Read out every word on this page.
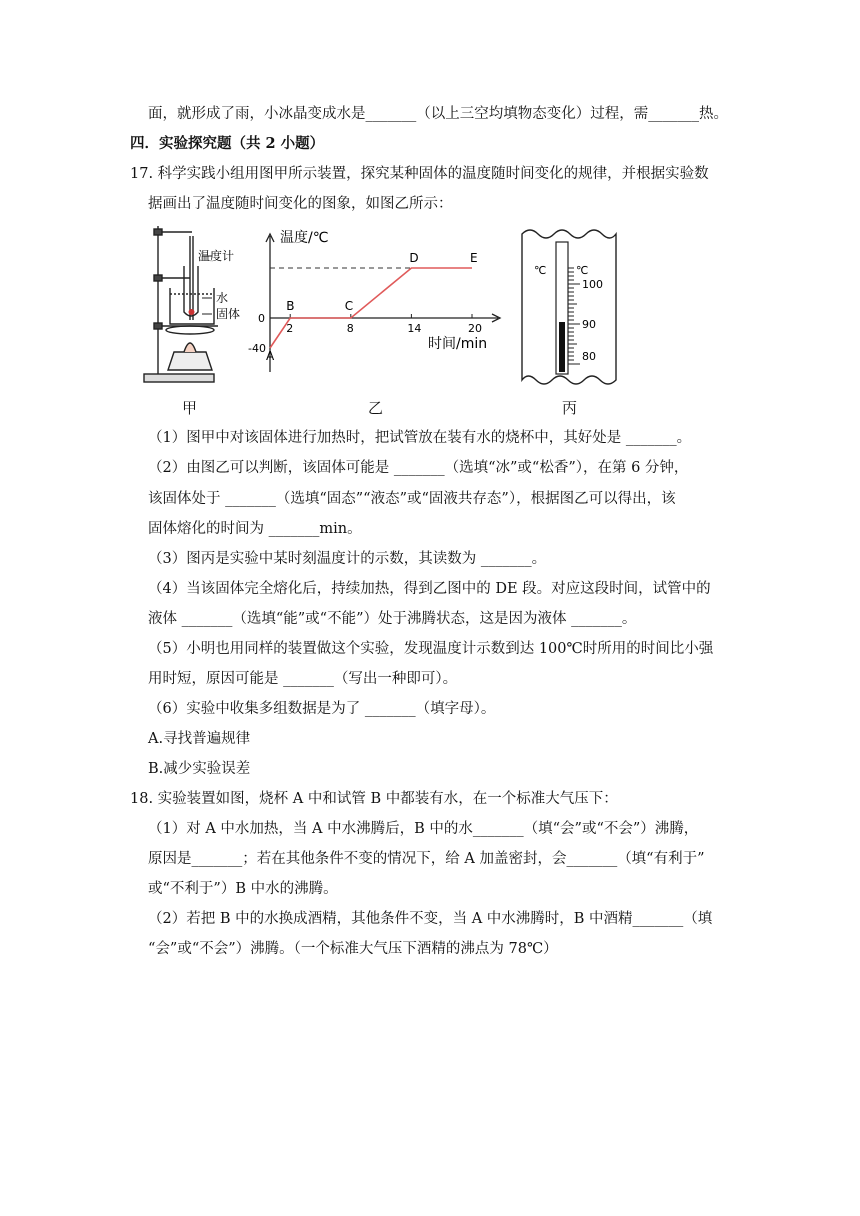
面，就形成了雨，小冰晶变成水是_______（以上三空均填物态变化）过程，需_______热。
四．实验探究题（共 2 小题）
17. 科学实践小组用图甲所示装置，探究某种固体的温度随时间变化的规律，并根据实验数
据画出了温度随时间变化的图象，如图乙所示：
温度计
水
固体
甲
温度/℃
时间/min
2	8	14	20
0
-40
A
B	C
D	E
乙
℃	℃
100
90
80
丙
（1）图甲中对该固体进行加热时，把试管放在装有水的烧杯中，其好处是 _______。
（2）由图乙可以判断，该固体可能是 _______（选填“冰”或“松香”），在第 6 分钟，
该固体处于 _______（选填“固态”“液态”或“固液共存态”），根据图乙可以得出，该
固体熔化的时间为 _______min。
（3）图丙是实验中某时刻温度计的示数，其读数为 _______。
（4）当该固体完全熔化后，持续加热，得到乙图中的 DE 段。对应这段时间，试管中的
液体 _______（选填“能”或“不能”）处于沸腾状态，这是因为液体 _______。
（5）小明也用同样的装置做这个实验，发现温度计示数到达 100℃时所用的时间比小强
用时短，原因可能是 _______（写出一种即可）。
（6）实验中收集多组数据是为了 _______（填字母）。
A.寻找普遍规律
B.减少实验误差
18. 实验装置如图，烧杯 A 中和试管 B 中都装有水，在一个标准大气压下：
（1）对 A 中水加热，当 A 中水沸腾后，B 中的水_______（填“会”或“不会”）沸腾，
原因是_______；若在其他条件不变的情况下，给 A 加盖密封，会_______（填“有利于”
或“不利于”）B 中水的沸腾。
（2）若把 B 中的水换成酒精，其他条件不变，当 A 中水沸腾时，B 中酒精_______（填
“会”或“不会”）沸腾。（一个标准大气压下酒精的沸点为 78℃）
